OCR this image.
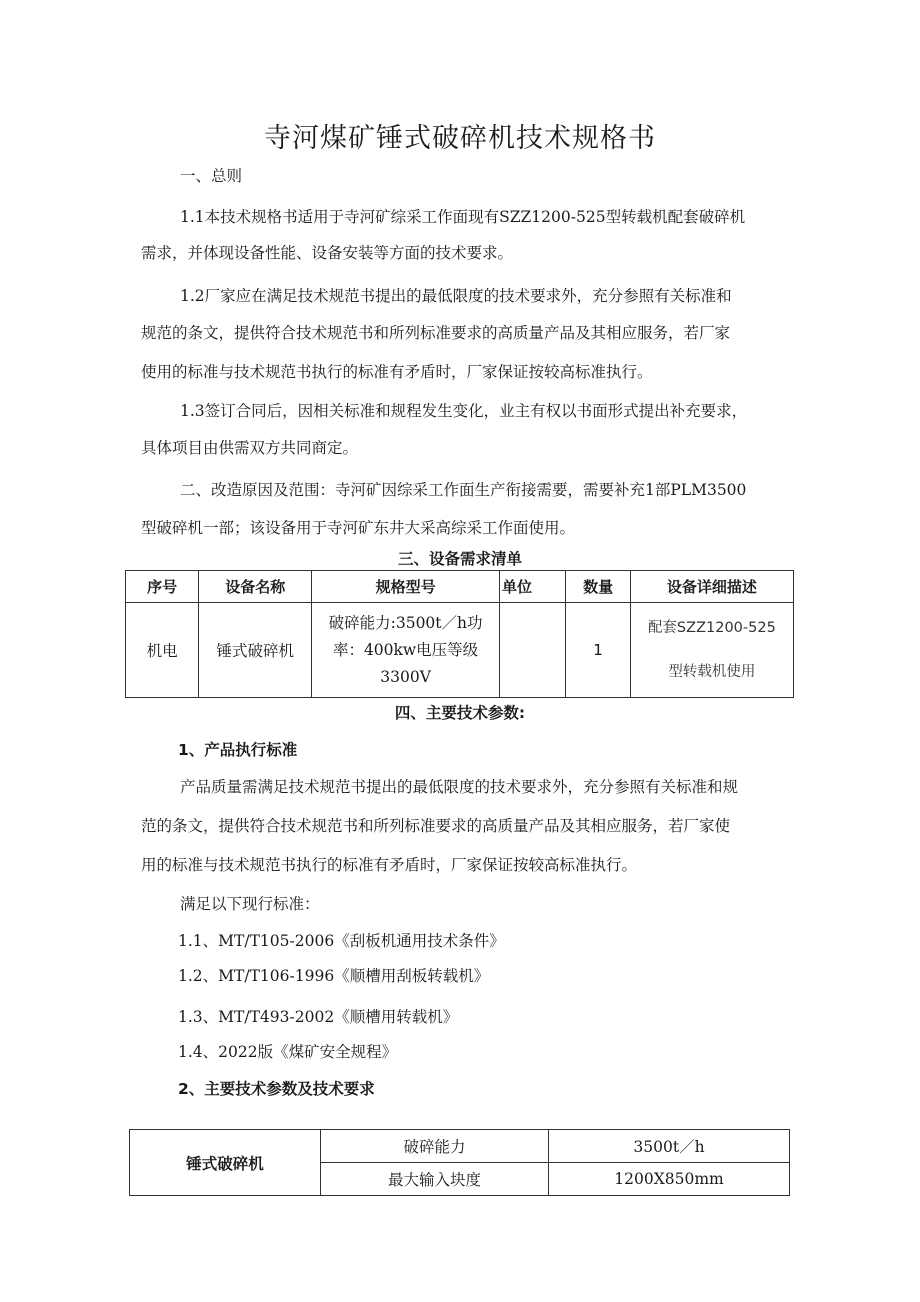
寺河煤矿锤式破碎机技术规格书
一、总则
1.1本技术规格书适用于寺河矿综采工作面现有SZZ1200-525型转载机配套破碎机
需求，并体现设备性能、设备安装等方面的技术要求。
1.2厂家应在满足技术规范书提出的最低限度的技术要求外，充分参照有关标准和
规范的条文，提供符合技术规范书和所列标准要求的高质量产品及其相应服务，若厂家
使用的标准与技术规范书执行的标准有矛盾时，厂家保证按较高标准执行。
1.3签订合同后，因相关标准和规程发生变化，业主有权以书面形式提出补充要求，
具体项目由供需双方共同商定。
二、改造原因及范围：寺河矿因综采工作面生产衔接需要，需要补充1部PLM3500
型破碎机一部；该设备用于寺河矿东井大采高综采工作面使用。
三、设备需求清单
序号	设备名称	规格型号	单位	数量	设备详细描述
机电	锤式破碎机	破碎能力:3500t／h功率：400kw电压等级3300V		1	配套SZZ1200-525型转载机使用
四、主要技术参数:
1、产品执行标准
产品质量需满足技术规范书提出的最低限度的技术要求外，充分参照有关标准和规
范的条文，提供符合技术规范书和所列标准要求的高质量产品及其相应服务，若厂家使
用的标准与技术规范书执行的标准有矛盾时，厂家保证按较高标准执行。
满足以下现行标准：
1.1、MT/T105-2006《刮板机通用技术条件》
1.2、MT/T106-1996《顺槽用刮板转载机》
1.3、MT/T493-2002《顺槽用转载机》
1.4、2022版《煤矿安全规程》
2、主要技术参数及技术要求
锤式破碎机	破碎能力	3500t／h
	最大输入块度	1200X850mm
